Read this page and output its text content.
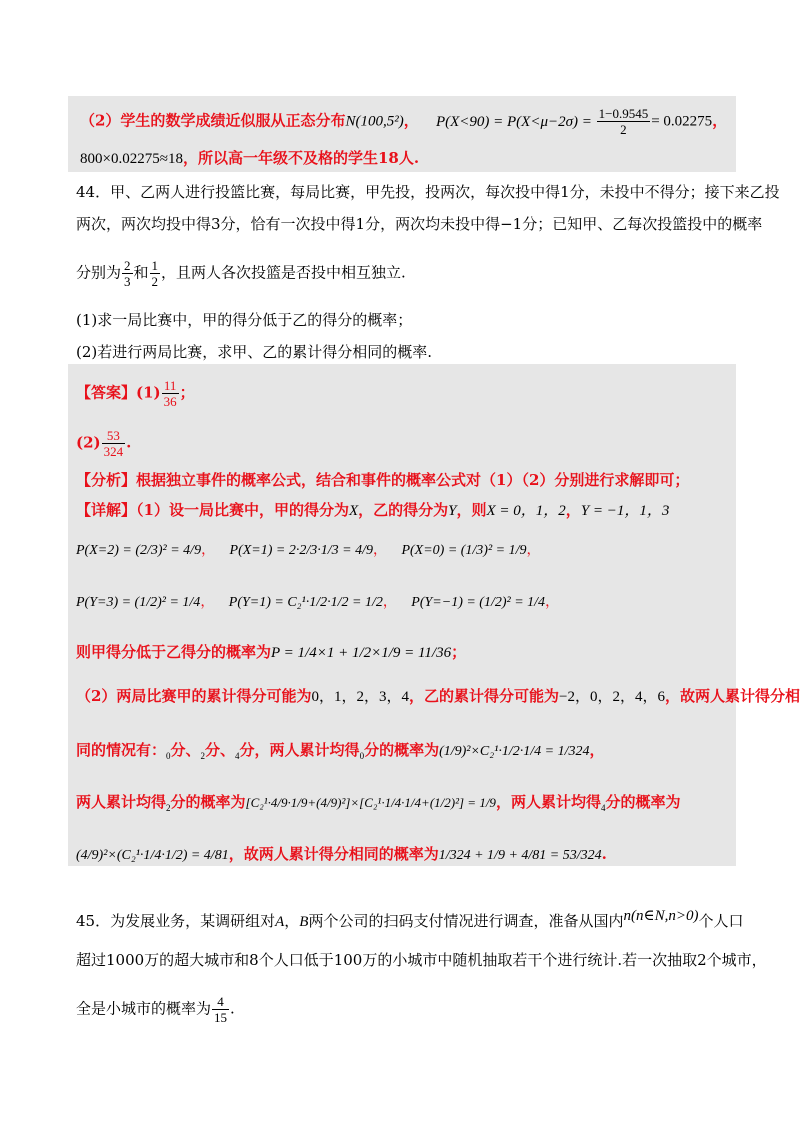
（2）学生的数学成绩近似服从正态分布N(100,5²)， $P(X<90) = P(X<\mu-2\sigma) = \frac{1-0.9545}{2} = 0.02275$，
800×0.02275≈18，所以高一年级不及格的学生18人.
44．甲、乙两人进行投篮比赛，每局比赛，甲先投，投两次，每次投中得1分，未投中不得分；接下来乙投
两次，两次均投中得3分，恰有一次投中得1分，两次均未投中得−1分；已知甲、乙每次投篮投中的概率
分别为 $\frac{2}{3}$ 和 $\frac{1}{2}$ ，且两人各次投篮是否投中相互独立.
(1)求一局比赛中，甲的得分低于乙的得分的概率；
(2)若进行两局比赛，求甲、乙的累计得分相同的概率.
【答案】$(1) \frac{11}{36}$ ；
$(2) \frac{53}{324}$ .
【分析】根据独立事件的概率公式，结合和事件的概率公式对（1）（2）分别进行求解即可；
【详解】（1）设一局比赛中，甲的得分为X，乙的得分为Y，则X = 0，1，2，Y = −1，1，3
P(X=2) = (2/3)² = 4/9， P(X=1) = 2·2/3·1/3 = 4/9， P(X=0) = (1/3)² = 1/9，
P(Y=3) = (1/2)² = 1/4， P(Y=1) = C₂¹·1/2·1/2 = 1/2， P(Y=−1) = (1/2)² = 1/4，
则甲得分低于乙得分的概率为P = 1/4×1 + 1/2×1/9 = 11/36；
（2）两局比赛甲的累计得分可能为0，1，2，3，4，乙的累计得分可能为−2，0，2，4，6，故两人累计得分相
同的情况有：$_0$分、$_2$分、$_4$分，两人累计均得$_0$分的概率为(1/9)²×C₂¹·1/2·1/4 = 1/324，
两人累计均得$_2$分的概率为[C₂¹·4/9·1/9+(4/9)²]×[C₂¹·1/4·1/4+(1/2)²] = 1/9，两人累计均得$_4$分的概率为
(4/9)²×(C₂¹·1/4·1/2) = 4/81，故两人累计得分相同的概率为1/324 + 1/9 + 4/81 = 53/324.
45．为发展业务，某调研组对A，B两个公司的扫码支付情况进行调查，准备从国内n(n∈N,n>0)个人口
超过1000万的超大城市和8个人口低于100万的小城市中随机抽取若干个进行统计.若一次抽取2个城市，
全是小城市的概率为 $\frac{4}{15}$ .
